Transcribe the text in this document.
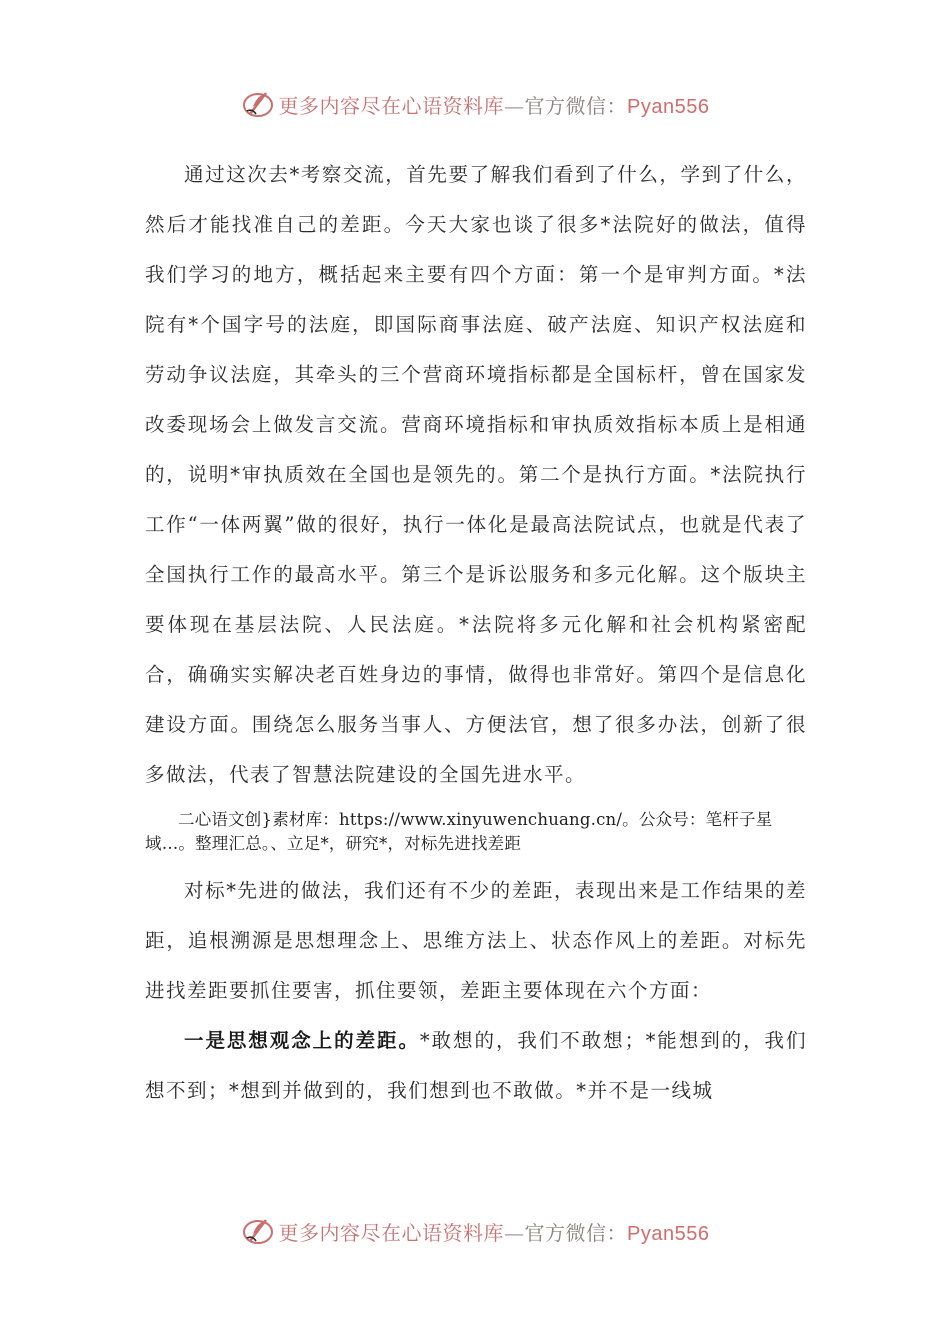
更多内容尽在心语资料库—官方微信：Pyan556

通过这次去*考察交流，首先要了解我们看到了什么，学到了什么，然后才能找准自己的差距。今天大家也谈了很多*法院好的做法，值得我们学习的地方，概括起来主要有四个方面：第一个是审判方面。*法院有*个国字号的法庭，即国际商事法庭、破产法庭、知识产权法庭和劳动争议法庭，其牵头的三个营商环境指标都是全国标杆，曾在国家发改委现场会上做发言交流。营商环境指标和审执质效指标本质上是相通的，说明*审执质效在全国也是领先的。第二个是执行方面。*法院执行工作“一体两翼”做的很好，执行一体化是最高法院试点，也就是代表了全国执行工作的最高水平。第三个是诉讼服务和多元化解。这个版块主要体现在基层法院、人民法庭。*法院将多元化解和社会机构紧密配合，确确实实解决老百姓身边的事情，做得也非常好。第四个是信息化建设方面。围绕怎么服务当事人、方便法官，想了很多办法，创新了很多做法，代表了智慧法院建设的全国先进水平。

二心语文创}素材库：https://www.xinyuwenchuang.cn/。公众号：笔杆子星域…。整理汇总。、立足*，研究*，对标先进找差距

对标*先进的做法，我们还有不少的差距，表现出来是工作结果的差距，追根溯源是思想理念上、思维方法上、状态作风上的差距。对标先进找差距要抓住要害，抓住要领，差距主要体现在六个方面：

一是思想观念上的差距。*敢想的，我们不敢想；*能想到的，我们想不到；*想到并做到的，我们想到也不敢做。*并不是一线城

更多内容尽在心语资料库—官方微信：Pyan556
